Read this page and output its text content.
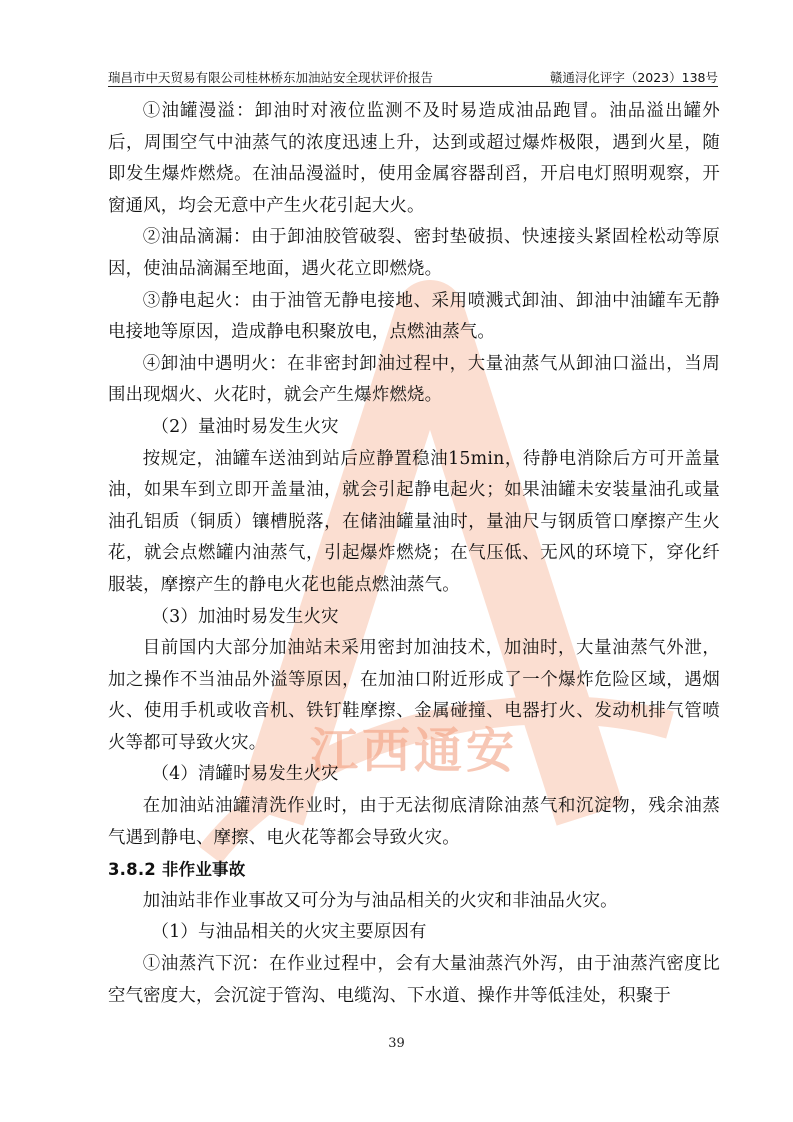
瑞昌市中天贸易有限公司桂林桥东加油站安全现状评价报告	赣通浔化评字（2023）138号
江西通安

①油罐漫溢：卸油时对液位监测不及时易造成油品跑冒。油品溢出罐外后，周围空气中油蒸气的浓度迅速上升，达到或超过爆炸极限，遇到火星，随即发生爆炸燃烧。在油品漫溢时，使用金属容器刮舀，开启电灯照明观察，开窗通风，均会无意中产生火花引起大火。

②油品滴漏：由于卸油胶管破裂、密封垫破损、快速接头紧固栓松动等原因，使油品滴漏至地面，遇火花立即燃烧。

③静电起火：由于油管无静电接地、采用喷溅式卸油、卸油中油罐车无静电接地等原因，造成静电积聚放电，点燃油蒸气。

④卸油中遇明火：在非密封卸油过程中，大量油蒸气从卸油口溢出，当周围出现烟火、火花时，就会产生爆炸燃烧。

（2）量油时易发生火灾

按规定，油罐车送油到站后应静置稳油15min，待静电消除后方可开盖量油，如果车到立即开盖量油，就会引起静电起火；如果油罐未安装量油孔或量油孔铝质（铜质）镶槽脱落，在储油罐量油时，量油尺与钢质管口摩擦产生火花，就会点燃罐内油蒸气，引起爆炸燃烧；在气压低、无风的环境下，穿化纤服装，摩擦产生的静电火花也能点燃油蒸气。

（3）加油时易发生火灾

目前国内大部分加油站未采用密封加油技术，加油时，大量油蒸气外泄，加之操作不当油品外溢等原因，在加油口附近形成了一个爆炸危险区域，遇烟火、使用手机或收音机、铁钉鞋摩擦、金属碰撞、电器打火、发动机排气管喷火等都可导致火灾。

（4）清罐时易发生火灾

在加油站油罐清洗作业时，由于无法彻底清除油蒸气和沉淀物，残余油蒸气遇到静电、摩擦、电火花等都会导致火灾。

3.8.2 非作业事故

加油站非作业事故又可分为与油品相关的火灾和非油品火灾。

（1）与油品相关的火灾主要原因有

①油蒸汽下沉：在作业过程中，会有大量油蒸汽外泻，由于油蒸汽密度比空气密度大，会沉淀于管沟、电缆沟、下水道、操作井等低洼处，积聚于

39
